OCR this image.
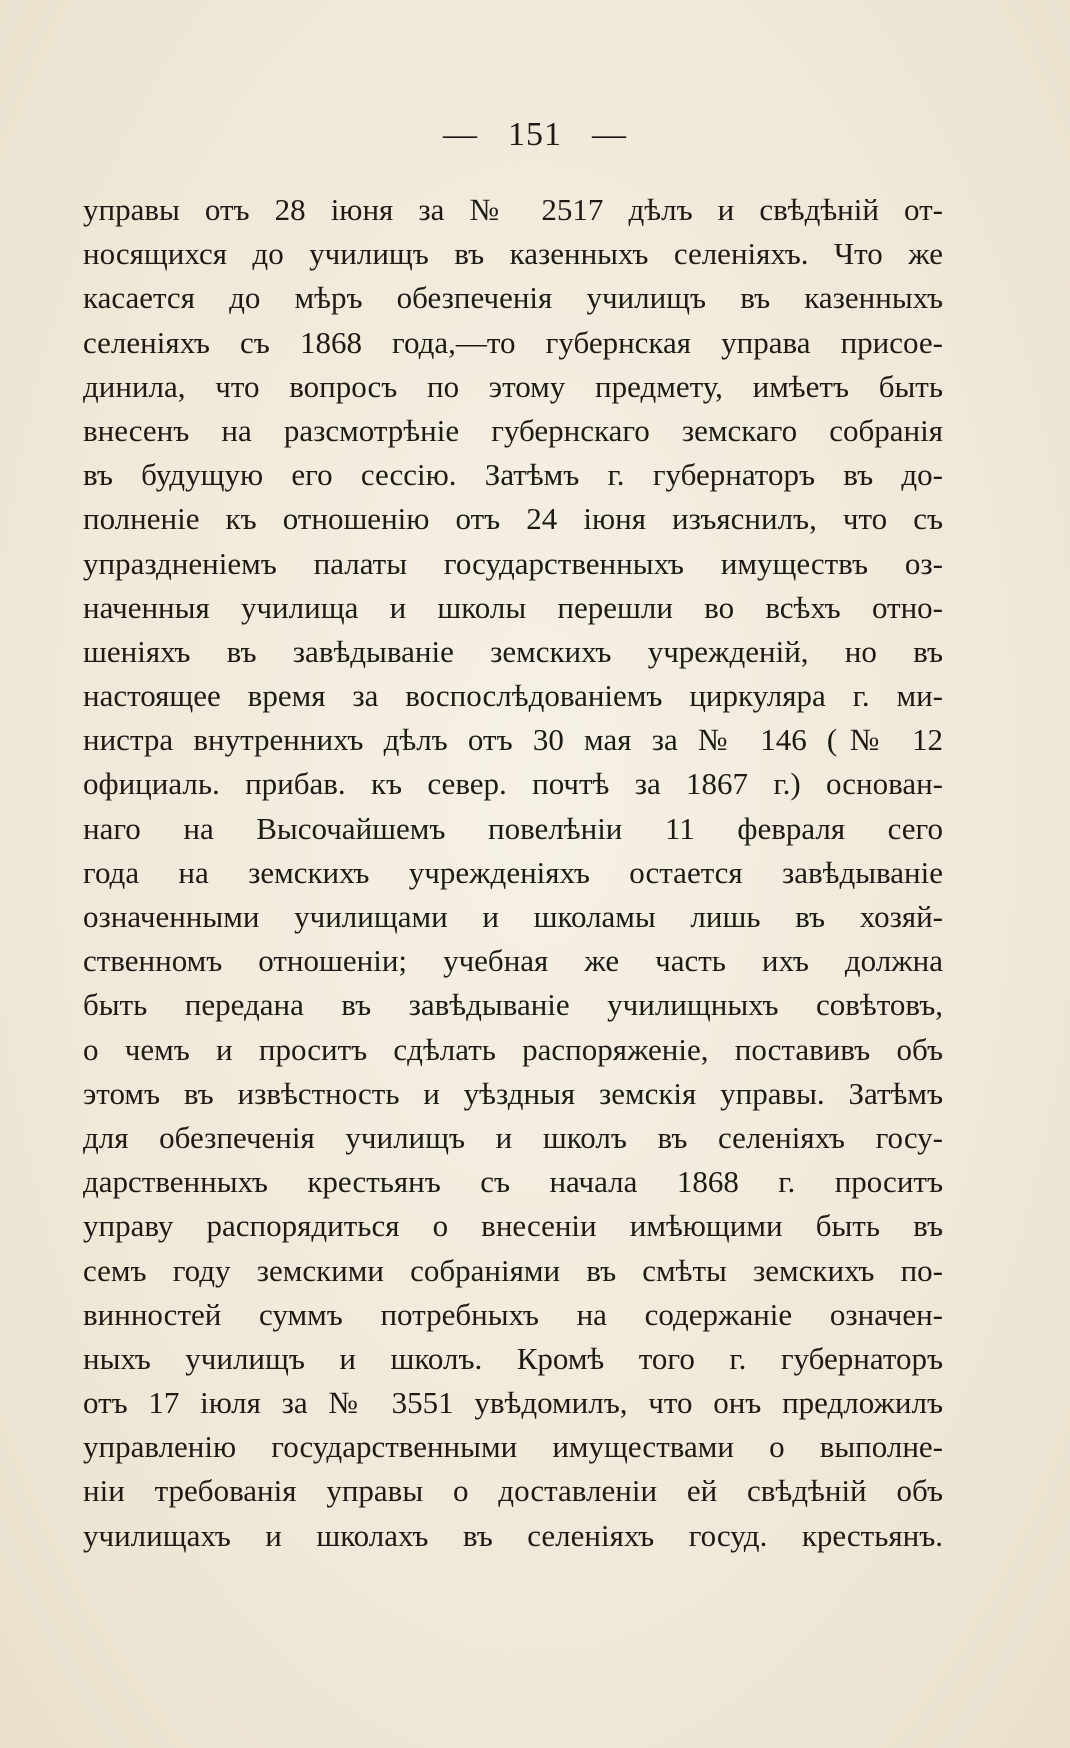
— 151 —
управы отъ 28 іюня за № 2517 дѣлъ и свѣдѣній от-
носящихся до училищъ въ казенныхъ селеніяхъ. Что же
касается до мѣръ обезпеченія училищъ въ казенныхъ
селеніяхъ съ 1868 года,—то губернская управа присое-
динила, что вопросъ по этому предмету, имѣетъ быть
внесенъ на разсмотрѣніе губернскаго земскаго собранія
въ будущую его сессію. Затѣмъ г. губернаторъ въ до-
полненіе къ отношенію отъ 24 іюня изъяснилъ, что съ
упраздненіемъ палаты государственныхъ имуществъ оз-
наченныя училища и школы перешли во всѣхъ отно-
шеніяхъ въ завѣдываніе земскихъ учрежденій, но въ
настоящее время за воспослѣдованіемъ циркуляра г. ми-
нистра внутреннихъ дѣлъ отъ 30 мая за № 146 (№ 12
официаль. прибав. къ север. почтѣ за 1867 г.) основан-
наго на Высочайшемъ повелѣніи 11 февраля сего
года на земскихъ учрежденіяхъ остается завѣдываніе
означенными училищами и школамы лишь въ хозяй-
ственномъ отношеніи; учебная же часть ихъ должна
быть передана въ завѣдываніе училищныхъ совѣтовъ,
о чемъ и проситъ сдѣлать распоряженіе, поставивъ объ
этомъ въ извѣстность и уѣздныя земскія управы. Затѣмъ
для обезпеченія училищъ и школъ въ селеніяхъ госу-
дарственныхъ крестьянъ съ начала 1868 г. проситъ
управу распорядиться о внесеніи имѣющими быть въ
семъ году земскими собраніями въ смѣты земскихъ по-
винностей суммъ потребныхъ на содержаніе означен-
ныхъ училищъ и школъ. Кромѣ того г. губернаторъ
отъ 17 іюля за № 3551 увѣдомилъ, что онъ предложилъ
управленію государственными имуществами о выполне-
ніи требованія управы о доставленіи ей свѣдѣній объ
училищахъ и школахъ въ селеніяхъ госуд. крестьянъ.
